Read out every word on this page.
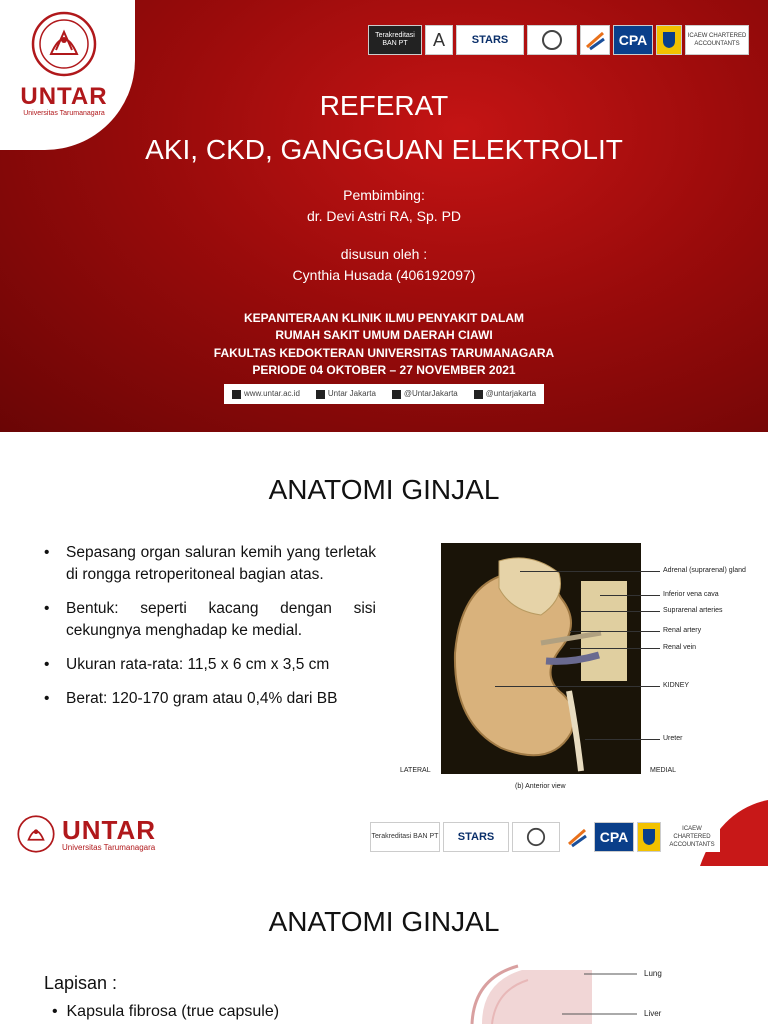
UNTAR
Universitas Tarumanagara
Terakreditasi BAN PT	A STARS	CPA	ICAEW CHARTERED ACCOUNTANTS
REFERAT
AKI, CKD, GANGGUAN ELEKTROLIT
Pembimbing:
dr. Devi Astri RA, Sp. PD
disusun oleh :
Cynthia Husada (406192097)
KEPANITERAAN KLINIK ILMU PENYAKIT DALAM
RUMAH SAKIT UMUM DAERAH CIAWI
FAKULTAS KEDOKTERAN UNIVERSITAS TARUMANAGARA
PERIODE 04 OKTOBER – 27 NOVEMBER 2021
www.untar.ac.id	Untar Jakarta	@UntarJakarta	@untarjakarta
ANATOMI GINJAL
• Sepasang organ saluran kemih yang terletak di rongga retroperitoneal bagian atas.
• Bentuk: seperti kacang dengan sisi cekungnya menghadap ke medial.
• Ukuran rata-rata: 11,5 x 6 cm x 3,5 cm
• Berat: 120-170 gram atau 0,4% dari BB
Adrenal (suprarenal) gland
Inferior vena cava
Suprarenal arteries
Renal artery
Renal vein
KIDNEY
Ureter
LATERAL	MEDIAL
(b) Anterior view
UNTAR
Universitas Tarumanagara
Terakreditasi BAN PT STARS	CPA	ICAEW CHARTERED ACCOUNTANTS
ANATOMI GINJAL
Lapisan :
• Kapsula fibrosa (true capsule)
Lung
Liver
